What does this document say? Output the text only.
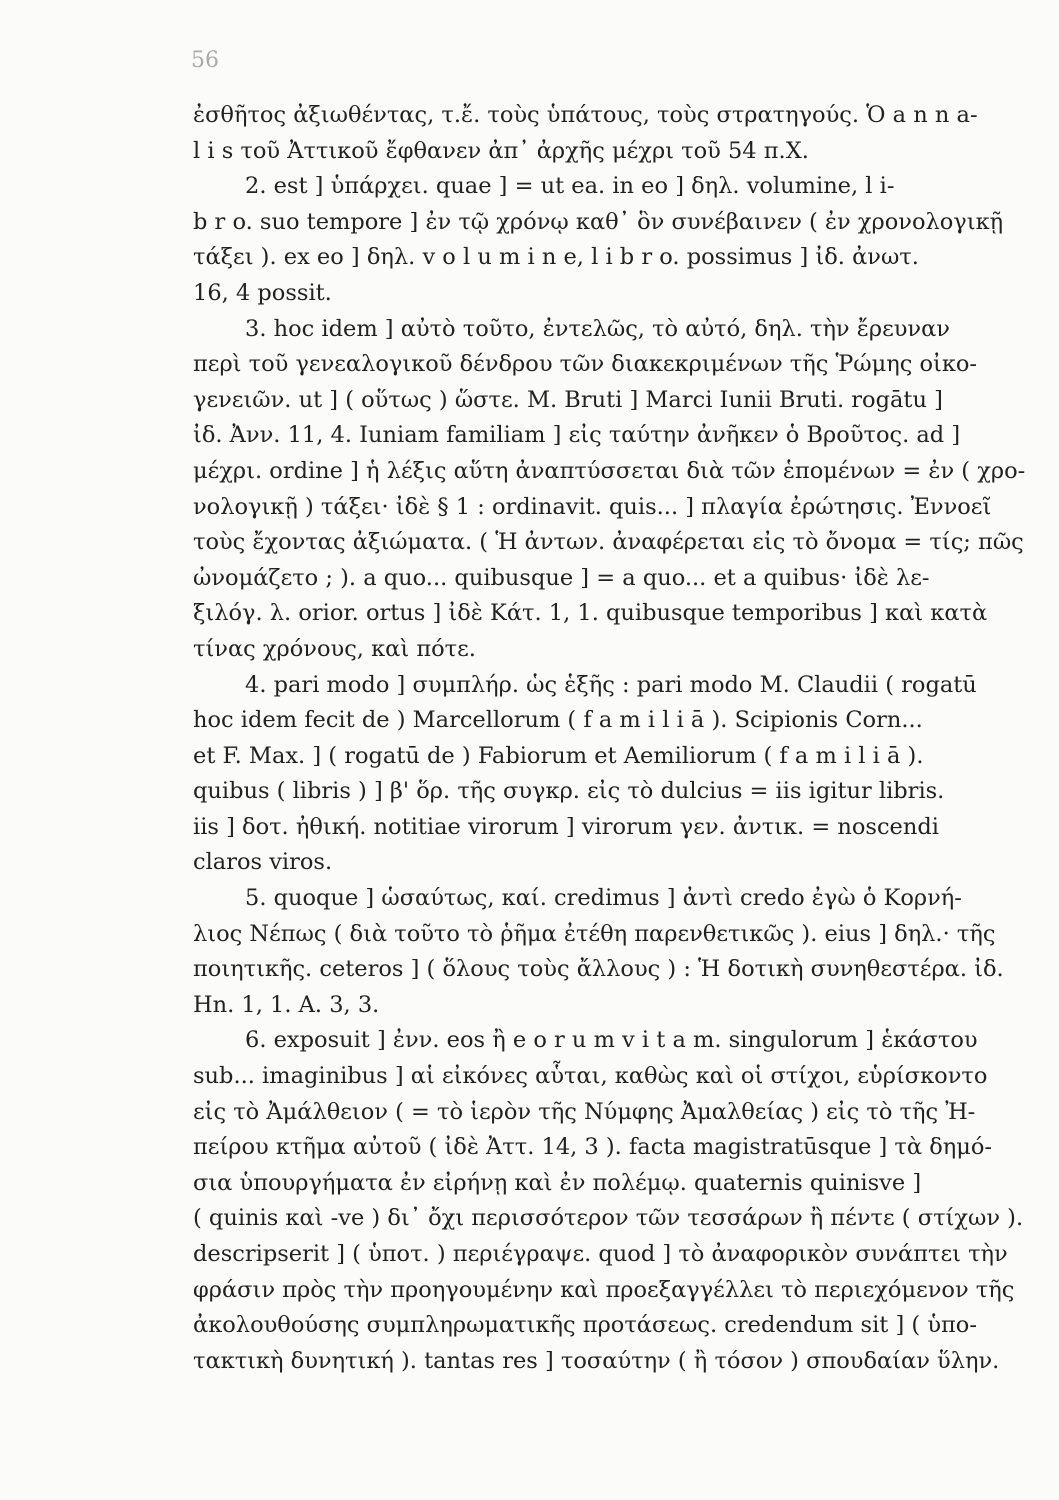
56
ἐσθῆτος ἀξιωθέντας, τ.ἔ. τοὺς ὑπάτους, τοὺς στρατηγούς. Ὁ a n n a-
l i s τοῦ Ἀττικοῦ ἔφθανεν ἀπ᾿ ἀρχῆς μέχρι τοῦ 54 π.Χ.
2. est ] ὑπάρχει. quae ] = ut ea. in eo ] δηλ. volumine, l i-
b r o. suo tempore ] ἐν τῷ χρόνῳ καθ᾿ ὃν συνέβαινεν ( ἐν χρονολογικῇ
τάξει ). ex eo ] δηλ. v o l u m i n e, l i b r o. possimus ] ἰδ. ἀνωτ.
16, 4 possit.
3. hoc idem ] αὐτὸ τοῦτο, ἐντελῶς, τὸ αὐτό, δηλ. τὴν ἔρευναν
περὶ τοῦ γενεαλογικοῦ δένδρου τῶν διακεκριμένων τῆς Ῥώμης οἰκο-
γενειῶν. ut ] ( οὕτως ) ὥστε. M. Bruti ] Marci Iunii Bruti. rogātu ]
ἰδ. Ἀνν. 11, 4. Iuniam familiam ] εἰς ταύτην ἀνῆκεν ὁ Βροῦτος. ad ]
μέχρι. ordine ] ἡ λέξις αὕτη ἀναπτύσσεται διὰ τῶν ἑπομένων = ἐν ( χρο-
νολογικῇ ) τάξει· ἰδὲ § 1 : ordinavit. quis... ] πλαγία ἐρώτησις. Ἐννοεῖ
τοὺς ἔχοντας ἀξιώματα. ( Ἡ ἀντων. ἀναφέρεται εἰς τὸ ὄνομα = τίς; πῶς
ὠνομάζετο ; ). a quo... quibusque ] = a quo... et a quibus· ἰδὲ λε-
ξιλόγ. λ. orior. ortus ] ἰδὲ Κάτ. 1, 1. quibusque temporibus ] καὶ κατὰ
τίνας χρόνους, καὶ πότε.
4. pari modo ] συμπλήρ. ὡς ἑξῆς : pari modo M. Claudii ( rogatū
hoc idem fecit de ) Marcellorum ( f a m i l i ā ). Scipionis Corn...
et F. Max. ] ( rogatū de ) Fabiorum et Aemiliorum ( f a m i l i ā ).
quibus ( libris ) ] β' ὅρ. τῆς συγκρ. εἰς τὸ dulcius = iis igitur libris.
iis ] δοτ. ἠθική. notitiae virorum ] virorum γεν. ἀντικ. = noscendi
claros viros.
5. quoque ] ὡσαύτως, καί. credimus ] ἀντὶ credo ἐγὼ ὁ Κορνή-
λιος Νέπως ( διὰ τοῦτο τὸ ῥῆμα ἐτέθη παρενθετικῶς ). eius ] δηλ.· τῆς
ποιητικῆς. ceteros ] ( ὅλους τοὺς ἄλλους ) : Ἡ δοτικὴ συνηθεστέρα. ἰδ.
Hn. 1, 1. A. 3, 3.
6. exposuit ] ἐνν. eos ἢ e o r u m v i t a m. singulorum ] ἑκάστου
sub... imaginibus ] αἱ εἰκόνες αὗται, καθὼς καὶ οἱ στίχοι, εὑρίσκοντο
εἰς τὸ Ἀμάλθειον ( = τὸ ἱερὸν τῆς Νύμφης Ἀμαλθείας ) εἰς τὸ τῆς Ἠ-
πείρου κτῆμα αὐτοῦ ( ἰδὲ Ἀττ. 14, 3 ). facta magistratūsque ] τὰ δημό-
σια ὑπουργήματα ἐν εἰρήνῃ καὶ ἐν πολέμῳ. quaternis quinisve ]
( quinis καὶ -ve ) δι᾿ ὄχι περισσότερον τῶν τεσσάρων ἢ πέντε ( στίχων ).
descripserit ] ( ὑποτ. ) περιέγραψε. quod ] τὸ ἀναφορικὸν συνάπτει τὴν
φράσιν πρὸς τὴν προηγουμένην καὶ προεξαγγέλλει τὸ περιεχόμενον τῆς
ἀκολουθούσης συμπληρωματικῆς προτάσεως. credendum sit ] ( ὑπο-
τακτικὴ δυνητική ). tantas res ] τοσαύτην ( ἢ τόσον ) σπουδαίαν ὕλην.
